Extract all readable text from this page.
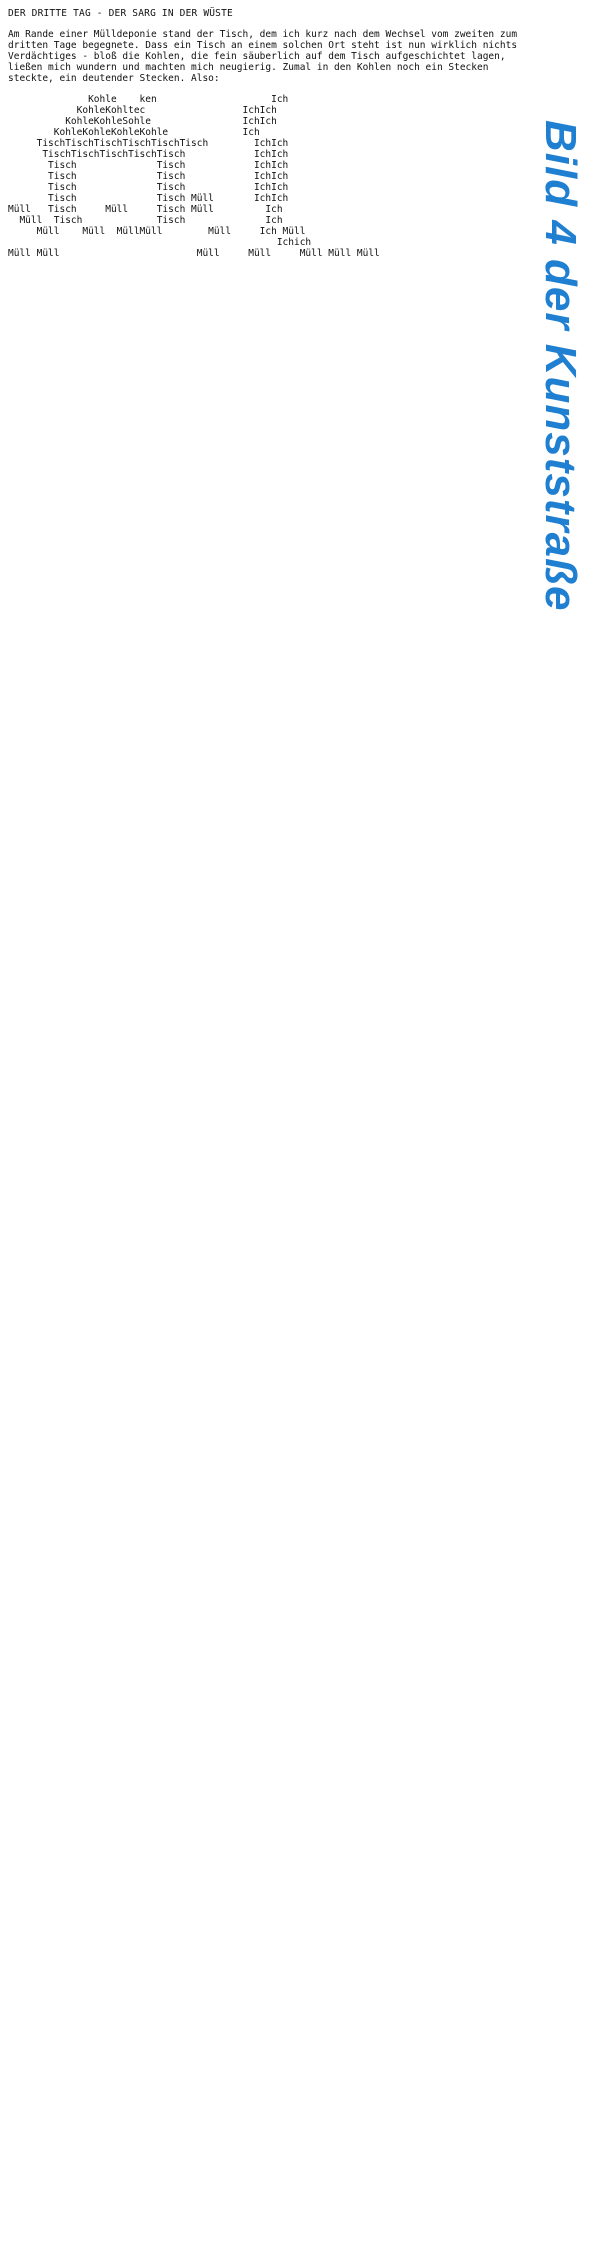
DER DRITTE TAG - DER SARG IN DER WÜSTE

Am Rande einer Mülldeponie stand der Tisch, dem ich kurz nach dem Wechsel vom zweiten zum dritten Tage begegnete. Dass ein Tisch an einem solchen Ort steht ist nun wirklich nichts Verdächtiges - bloß die Kohlen, die fein säuberlich auf dem Tisch aufgeschichtet lagen, ließen mich wundern und machten mich neugierig. Zumal in den Kohlen noch ein Stecken steckte, ein deutender Stecken. Also:

Kohle    ken                    Ich
KohleKohltec                 IchIch
KohleKohleSohle                IchIch
KohleKohleKohleKohle             Ich
TischTischTischTischTischTisch        IchIch
TischTischTischTischTisch            IchIch
Tisch              Tisch            IchIch
Tisch              Tisch            IchIch
Tisch              Tisch            IchIch
Tisch              Tisch Müll       IchIch
Müll   Tisch     Müll     Tisch Müll         Ich
Müll  Tisch             Tisch              Ich
Müll    Müll  MüllMüll        Müll     Ich Müll
Ichich
Müll Müll                        Müll     Müll     Müll Müll Müll	Bild 4 der Kunststraße
